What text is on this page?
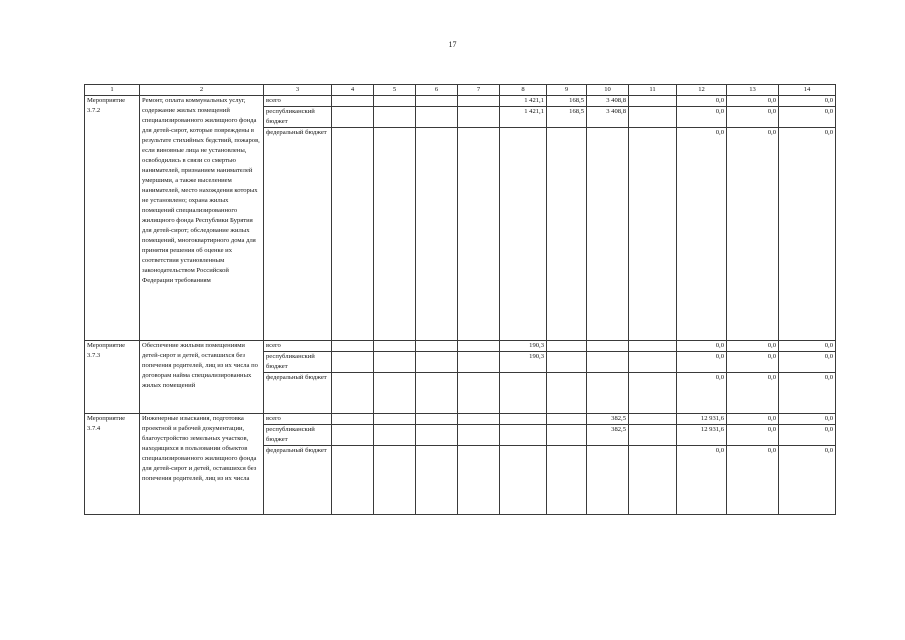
17
1	2	3	4	5	6	7	8	9	10	11	12	13	14
Мероприятие 3.7.2	Ремонт, оплата коммунальных услуг, содержание жилых помещений специализированного жилищного фонда для детей-сирот, которые повреждены в результате стихийных бедствий, пожаров, если виновные лица не установлены, освободились в связи со смертью нанимателей, признанием нанимателей умершими, а также выселением нанимателей, место нахождения которых не установлено; охрана жилых помещений специализированного жилищного фонда Республики Бурятия для детей-сирот; обследование жилых помещений, многоквартирного дома для принятия решения об оценке их соответствия установленным законодательством Российской Федерации требованиям	всего					1 421,1	168,5	3 408,8		0,0	0,0	0,0
		республиканский бюджет					1 421,1	168,5	3 408,8		0,0	0,0	0,0
		федеральный бюджет									0,0	0,0	0,0
Мероприятие 3.7.3	Обеспечение жилыми помещениями детей-сирот и детей, оставшихся без попечения родителей, лиц из их числа по договорам найма специализированных жилых помещений	всего					190,3				0,0	0,0	0,0
		республиканский бюджет					190,3				0,0	0,0	0,0
		федеральный бюджет									0,0	0,0	0,0
Мероприятие 3.7.4	Инженерные изыскания, подготовка проектной и рабочей документации, благоустройство земельных участков, находящихся в пользовании объектов специализированного жилищного фонда для детей-сирот и детей, оставшихся без попечения родителей, лиц из их числа	всего							382,5		12 931,6	0,0	0,0
		республиканский бюджет							382,5		12 931,6	0,0	0,0
		федеральный бюджет									0,0	0,0	0,0
